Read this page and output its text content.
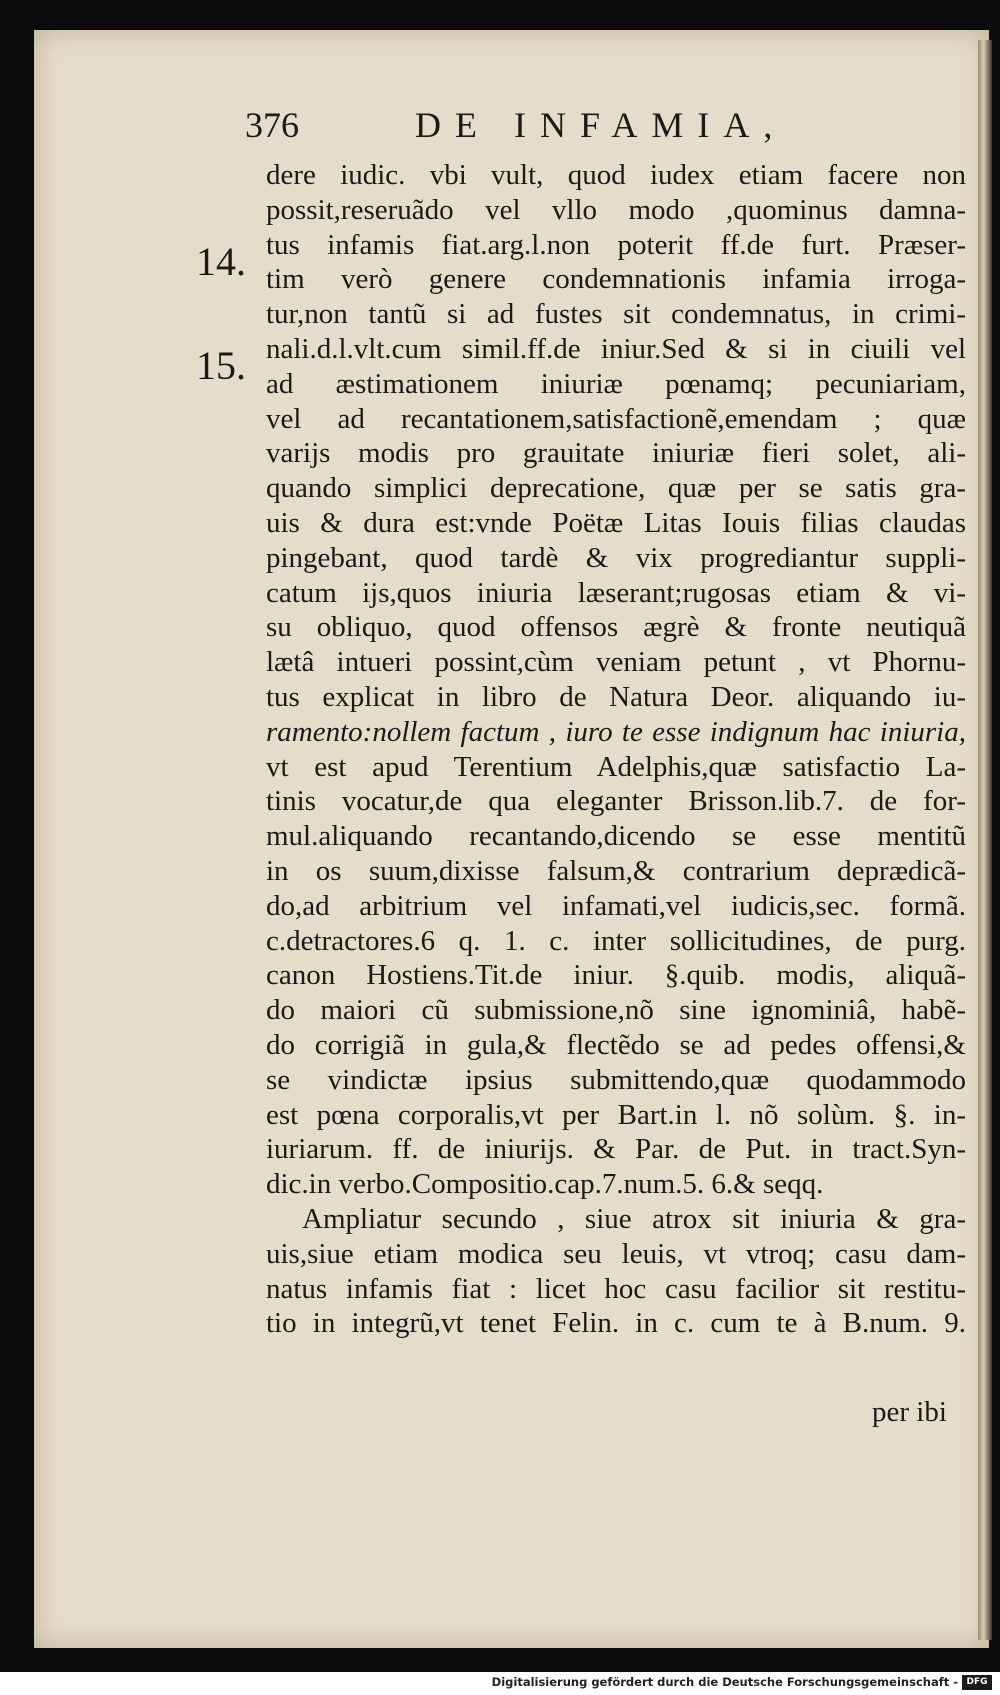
376	DE INFAMIA,
14.
15.
dere iudic. vbi vult, quod iudex etiam facere non
possit,reseruãdo vel vllo modo ,quominus damna-
tus infamis fiat.arg.l.non poterit ff.de furt. Præser-
tim verò genere condemnationis infamia irroga-
tur,non tantũ si ad fustes sit condemnatus, in crimi-
nali.d.l.vlt.cum simil.ff.de iniur.Sed & si in ciuili vel
ad æstimationem iniuriæ pœnamq; pecuniariam,
vel ad recantationem,satisfactionẽ,emendam ; quæ
varijs modis pro grauitate iniuriæ fieri solet, ali-
quando simplici deprecatione, quæ per se satis gra-
uis & dura est:vnde Poëtæ Litas Iouis filias claudas
pingebant, quod tardè & vix progrediantur suppli-
catum ijs,quos iniuria læserant;rugosas etiam & vi-
su obliquo, quod offensos ægrè & fronte neutiquã
lætâ intueri possint,cùm veniam petunt , vt Phornu-
tus explicat in libro de Natura Deor. aliquando iu-
ramento:nollem factum , iuro te esse indignum hac iniuria,
vt est apud Terentium Adelphis,quæ satisfactio La-
tinis vocatur,de qua eleganter Brisson.lib.7. de for-
mul.aliquando recantando,dicendo se esse mentitũ
in os suum,dixisse falsum,& contrarium deprædicã-
do,ad arbitrium vel infamati,vel iudicis,sec. formã.
c.detractores.6 q. 1. c. inter sollicitudines, de purg.
canon Hostiens.Tit.de iniur. §.quib. modis, aliquã-
do maiori cũ submissione,nõ sine ignominiâ, habẽ-
do corrigiã in gula,& flectẽdo se ad pedes offensi,&
se vindictæ ipsius submittendo,quæ quodammodo
est pœna corporalis,vt per Bart.in l. nõ solùm. §. in-
iuriarum. ff. de iniurijs. & Par. de Put. in tract.Syn-
dic.in verbo.Compositio.cap.7.num.5. 6.& seqq.
Ampliatur secundo , siue atrox sit iniuria & gra-
uis,siue etiam modica seu leuis, vt vtroq; casu dam-
natus infamis fiat : licet hoc casu facilior sit restitu-
tio in integrũ,vt tenet Felin. in c. cum te à B.num. 9.
per ibi
Digitalisierung gefördert durch die Deutsche Forschungsgemeinschaft - DFG
